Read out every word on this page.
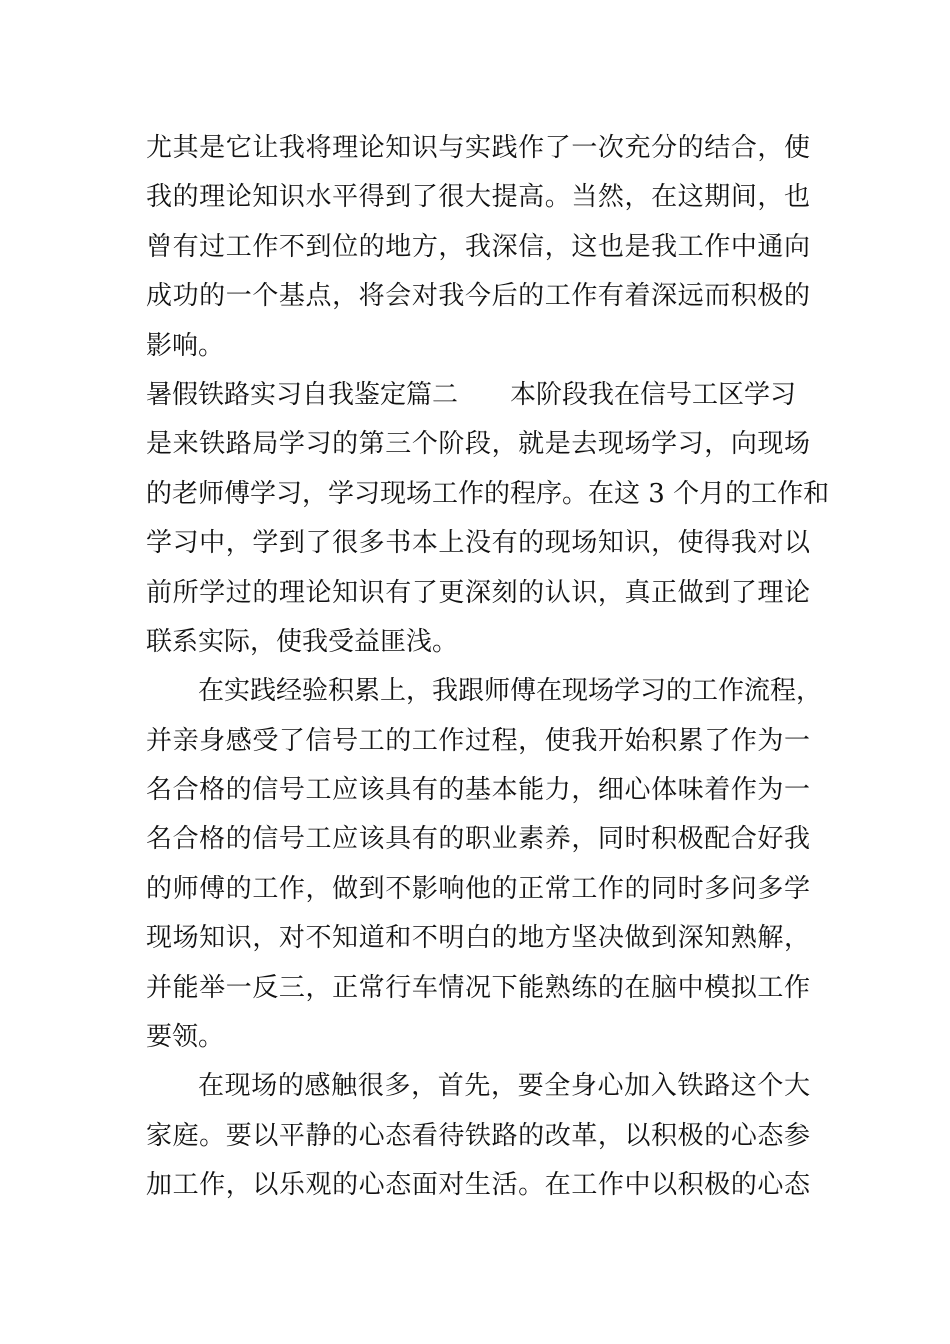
尤其是它让我将理论知识与实践作了一次充分的结合，使
我的理论知识水平得到了很大提高。当然，在这期间，也
曾有过工作不到位的地方，我深信，这也是我工作中通向
成功的一个基点，将会对我今后的工作有着深远而积极的
影响。
暑假铁路实习自我鉴定篇二 本阶段我在信号工区学习
是来铁路局学习的第三个阶段，就是去现场学习，向现场
的老师傅学习，学习现场工作的程序。在这 3 个月的工作和
学习中，学到了很多书本上没有的现场知识，使得我对以
前所学过的理论知识有了更深刻的认识，真正做到了理论
联系实际，使我受益匪浅。
在实践经验积累上，我跟师傅在现场学习的工作流程，
并亲身感受了信号工的工作过程，使我开始积累了作为一
名合格的信号工应该具有的基本能力，细心体味着作为一
名合格的信号工应该具有的职业素养，同时积极配合好我
的师傅的工作，做到不影响他的正常工作的同时多问多学
现场知识，对不知道和不明白的地方坚决做到深知熟解，
并能举一反三，正常行车情况下能熟练的在脑中模拟工作
要领。
在现场的感触很多，首先，要全身心加入铁路这个大
家庭。要以平静的心态看待铁路的改革，以积极的心态参
加工作，以乐观的心态面对生活。在工作中以积极的心态
